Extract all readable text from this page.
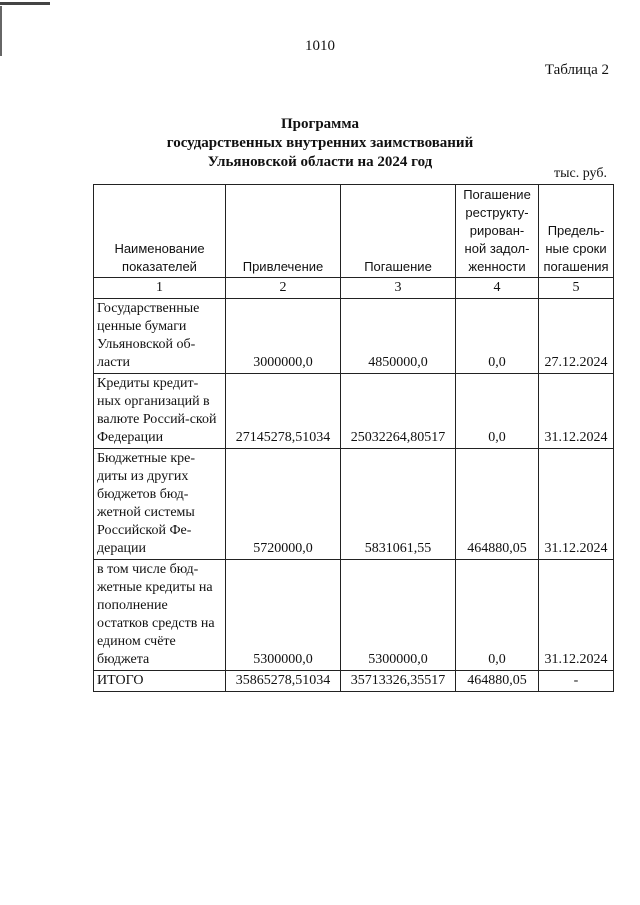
1010
Таблица 2
Программа
государственных внутренних заимствований
Ульяновской области на 2024 год
тыс. руб.
Наименование показателей	Привлечение	Погашение	Погашение реструкту-рирован-ной задол-женности	Предель-ные сроки погашения
1	2	3	4	5
Государственные ценные бумаги Ульяновской об-ласти	3000000,0	4850000,0	0,0	27.12.2024
Кредиты кредит-ных организаций в валюте Россий-ской Федерации	27145278,51034	25032264,80517	0,0	31.12.2024
Бюджетные кре-диты из других бюджетов бюд-жетной системы Российской Фе-дерации	5720000,0	5831061,55	464880,05	31.12.2024
в том числе бюд-жетные кредиты на пополнение остатков средств на едином счёте бюджета	5300000,0	5300000,0	0,0	31.12.2024
ИТОГО	35865278,51034	35713326,35517	464880,05	-
